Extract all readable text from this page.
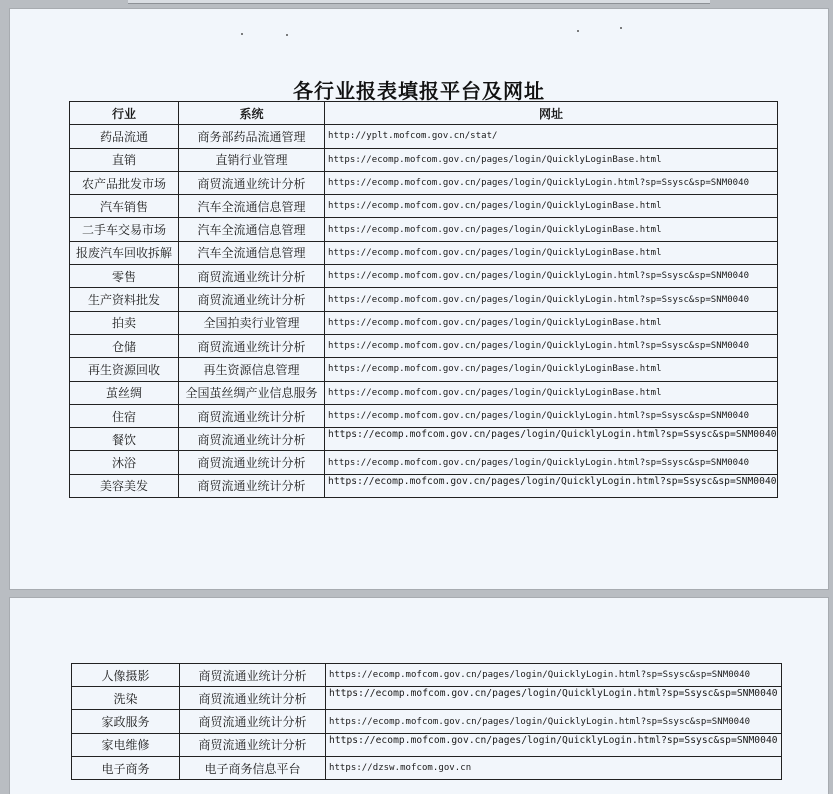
各行业报表填报平台及网址
行业	系统	网址
药品流通	商务部药品流通管理	http://yplt.mofcom.gov.cn/stat/
直销	直销行业管理	https://ecomp.mofcom.gov.cn/pages/login/QuicklyLoginBase.html
农产品批发市场	商贸流通业统计分析	https://ecomp.mofcom.gov.cn/pages/login/QuicklyLogin.html?sp=Ssysc&sp=SNM0040
汽车销售	汽车全流通信息管理	https://ecomp.mofcom.gov.cn/pages/login/QuicklyLoginBase.html
二手车交易市场	汽车全流通信息管理	https://ecomp.mofcom.gov.cn/pages/login/QuicklyLoginBase.html
报废汽车回收拆解	汽车全流通信息管理	https://ecomp.mofcom.gov.cn/pages/login/QuicklyLoginBase.html
零售	商贸流通业统计分析	https://ecomp.mofcom.gov.cn/pages/login/QuicklyLogin.html?sp=Ssysc&sp=SNM0040
生产资料批发	商贸流通业统计分析	https://ecomp.mofcom.gov.cn/pages/login/QuicklyLogin.html?sp=Ssysc&sp=SNM0040
拍卖	全国拍卖行业管理	https://ecomp.mofcom.gov.cn/pages/login/QuicklyLoginBase.html
仓储	商贸流通业统计分析	https://ecomp.mofcom.gov.cn/pages/login/QuicklyLogin.html?sp=Ssysc&sp=SNM0040
再生资源回收	再生资源信息管理	https://ecomp.mofcom.gov.cn/pages/login/QuicklyLoginBase.html
茧丝绸	全国茧丝绸产业信息服务	https://ecomp.mofcom.gov.cn/pages/login/QuicklyLoginBase.html
住宿	商贸流通业统计分析	https://ecomp.mofcom.gov.cn/pages/login/QuicklyLogin.html?sp=Ssysc&sp=SNM0040
餐饮	商贸流通业统计分析	https://ecomp.mofcom.gov.cn/pages/login/QuicklyLogin.html?sp=Ssysc&sp=SNM0040
沐浴	商贸流通业统计分析	https://ecomp.mofcom.gov.cn/pages/login/QuicklyLogin.html?sp=Ssysc&sp=SNM0040
美容美发	商贸流通业统计分析	https://ecomp.mofcom.gov.cn/pages/login/QuicklyLogin.html?sp=Ssysc&sp=SNM0040
人像摄影	商贸流通业统计分析	https://ecomp.mofcom.gov.cn/pages/login/QuicklyLogin.html?sp=Ssysc&sp=SNM0040
洗染	商贸流通业统计分析	https://ecomp.mofcom.gov.cn/pages/login/QuicklyLogin.html?sp=Ssysc&sp=SNM0040
家政服务	商贸流通业统计分析	https://ecomp.mofcom.gov.cn/pages/login/QuicklyLogin.html?sp=Ssysc&sp=SNM0040
家电维修	商贸流通业统计分析	https://ecomp.mofcom.gov.cn/pages/login/QuicklyLogin.html?sp=Ssysc&sp=SNM0040
电子商务	电子商务信息平台	https://dzsw.mofcom.gov.cn
